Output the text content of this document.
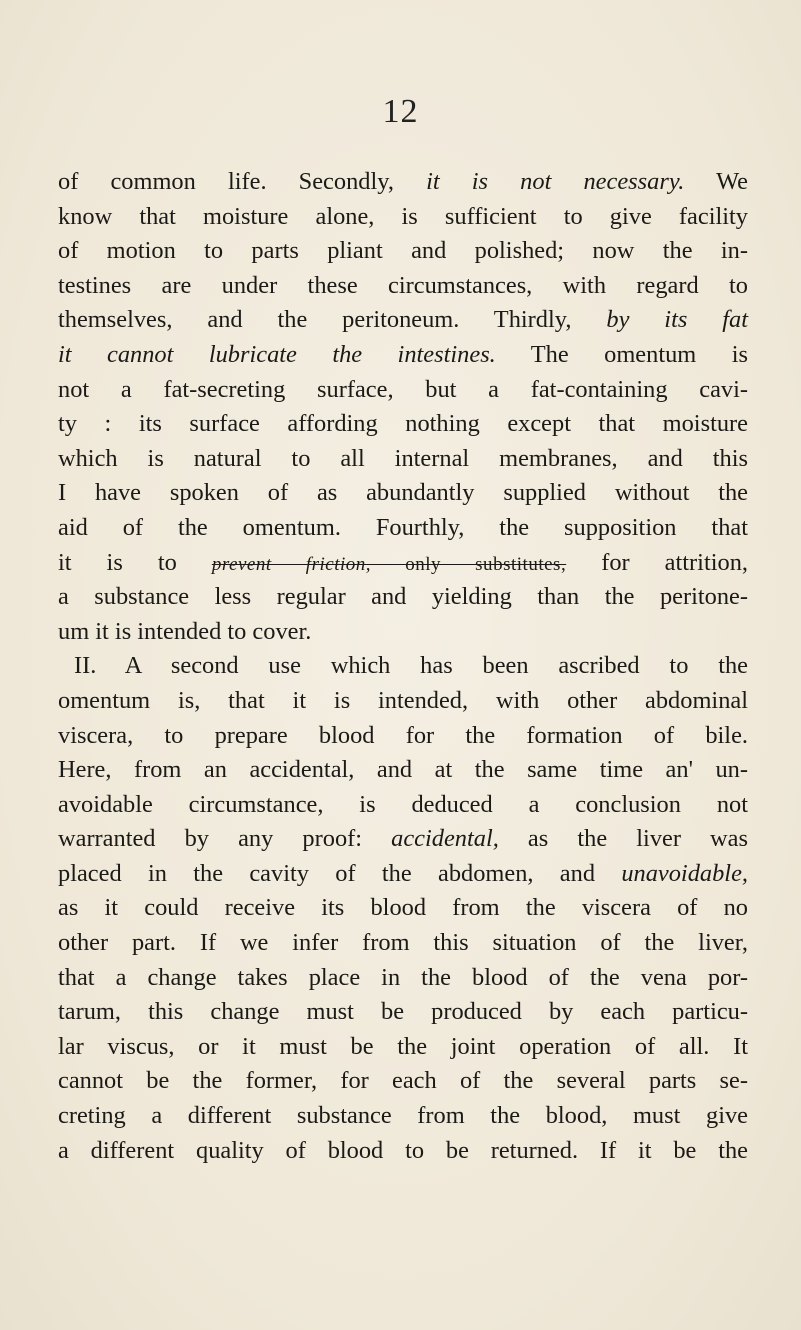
12
of common life. Secondly, it is not necessary. We
know that moisture alone, is sufficient to give facility
of motion to parts pliant and polished; now the in-
testines are under these circumstances, with regard to
themselves, and the peritoneum. Thirdly, by its fat
it cannot lubricate the intestines. The omentum is
not a fat-secreting surface, but a fat-containing cavi-
ty : its surface affording nothing except that moisture
which is natural to all internal membranes, and this
I have spoken of as abundantly supplied without the
aid of the omentum. Fourthly, the supposition that
it is to prevent friction, only substitutes, for attrition,
a substance less regular and yielding than the peritone-
um it is intended to cover.
II. A second use which has been ascribed to the
omentum is, that it is intended, with other abdominal
viscera, to prepare blood for the formation of bile.
Here, from an accidental, and at the same time an' un-
avoidable circumstance, is deduced a conclusion not
warranted by any proof: accidental, as the liver was
placed in the cavity of the abdomen, and unavoidable,
as it could receive its blood from the viscera of no
other part. If we infer from this situation of the liver,
that a change takes place in the blood of the vena por-
tarum, this change must be produced by each particu-
lar viscus, or it must be the joint operation of all. It
cannot be the former, for each of the several parts se-
creting a different substance from the blood, must give
a different quality of blood to be returned. If it be the
